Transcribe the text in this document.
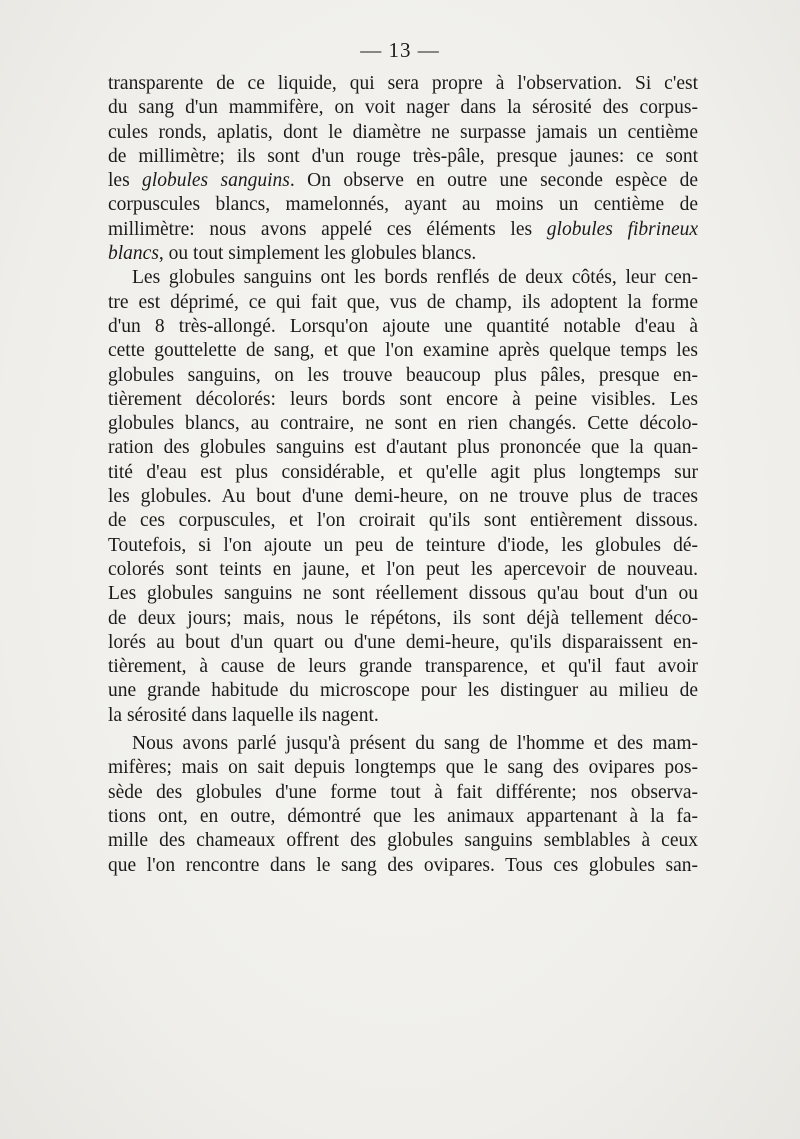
— 13 —
transparente de ce liquide, qui sera propre à l'observation. Si c'est
du sang d'un mammifère, on voit nager dans la sérosité des corpus-
cules ronds, aplatis, dont le diamètre ne surpasse jamais un centième
de millimètre; ils sont d'un rouge très-pâle, presque jaunes: ce sont
les globules sanguins. On observe en outre une seconde espèce de
corpuscules blancs, mamelonnés, ayant au moins un centième de
millimètre: nous avons appelé ces éléments les globules fibrineux
blancs, ou tout simplement les globules blancs.
Les globules sanguins ont les bords renflés de deux côtés, leur cen-
tre est déprimé, ce qui fait que, vus de champ, ils adoptent la forme
d'un 8 très-allongé. Lorsqu'on ajoute une quantité notable d'eau à
cette gouttelette de sang, et que l'on examine après quelque temps les
globules sanguins, on les trouve beaucoup plus pâles, presque en-
tièrement décolorés: leurs bords sont encore à peine visibles. Les
globules blancs, au contraire, ne sont en rien changés. Cette décolo-
ration des globules sanguins est d'autant plus prononcée que la quan-
tité d'eau est plus considérable, et qu'elle agit plus longtemps sur
les globules. Au bout d'une demi-heure, on ne trouve plus de traces
de ces corpuscules, et l'on croirait qu'ils sont entièrement dissous.
Toutefois, si l'on ajoute un peu de teinture d'iode, les globules dé-
colorés sont teints en jaune, et l'on peut les apercevoir de nouveau.
Les globules sanguins ne sont réellement dissous qu'au bout d'un ou
de deux jours; mais, nous le répétons, ils sont déjà tellement déco-
lorés au bout d'un quart ou d'une demi-heure, qu'ils disparaissent en-
tièrement, à cause de leurs grande transparence, et qu'il faut avoir
une grande habitude du microscope pour les distinguer au milieu de
la sérosité dans laquelle ils nagent.
Nous avons parlé jusqu'à présent du sang de l'homme et des mam-
mifères; mais on sait depuis longtemps que le sang des ovipares pos-
sède des globules d'une forme tout à fait différente; nos observa-
tions ont, en outre, démontré que les animaux appartenant à la fa-
mille des chameaux offrent des globules sanguins semblables à ceux
que l'on rencontre dans le sang des ovipares. Tous ces globules san-
